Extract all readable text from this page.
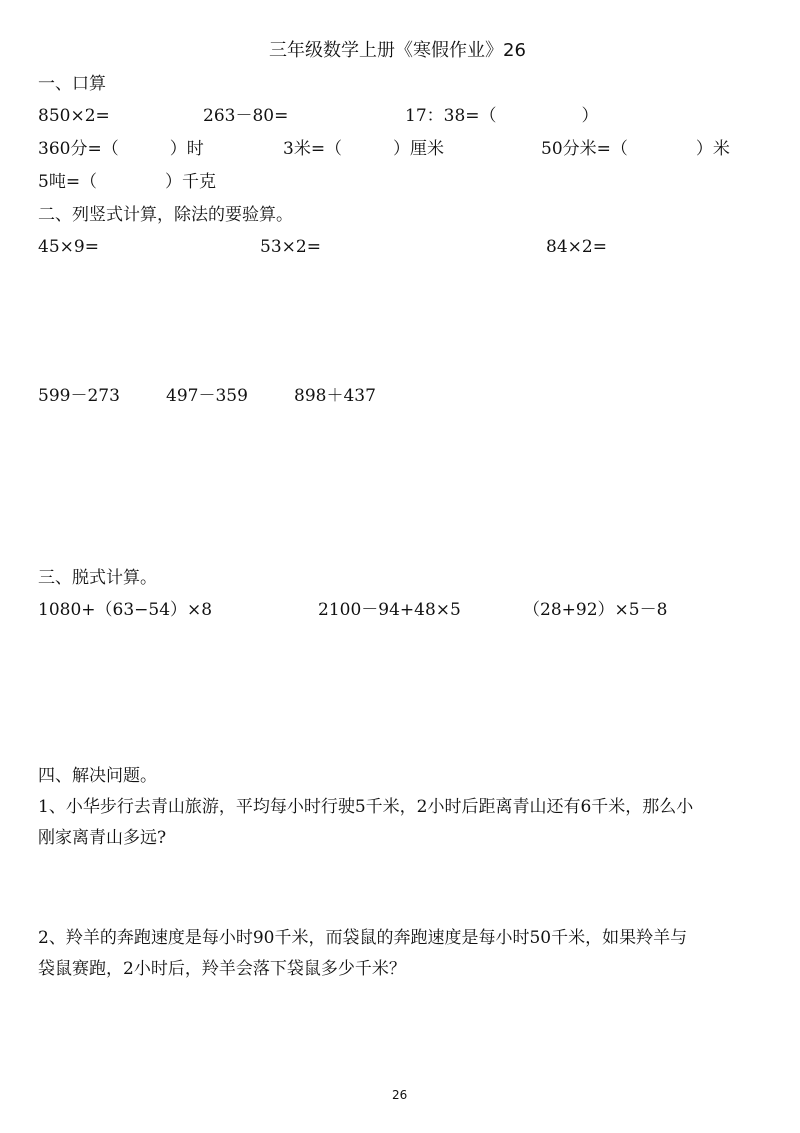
三年级数学上册《寒假作业》26
一、口算
850×2=	263－80=	17：38=（　　　　　）
360分=（　　　）时	3米=（　　　）厘米	50分米=（　　　　）米
5吨=（　　　　）千克
二、列竖式计算，除法的要验算。
45×9=	53×2=	84×2=
599－273	497－359	898＋437
三、脱式计算。
1080+（63−54）×8	2100－94+48×5	（28+92）×5－8
四、解决问题。
1、小华步行去青山旅游，平均每小时行驶5千米，2小时后距离青山还有6千米，那么小
刚家离青山多远?
2、羚羊的奔跑速度是每小时90千米，而袋鼠的奔跑速度是每小时50千米，如果羚羊与
袋鼠赛跑，2小时后，羚羊会落下袋鼠多少千米？
26
